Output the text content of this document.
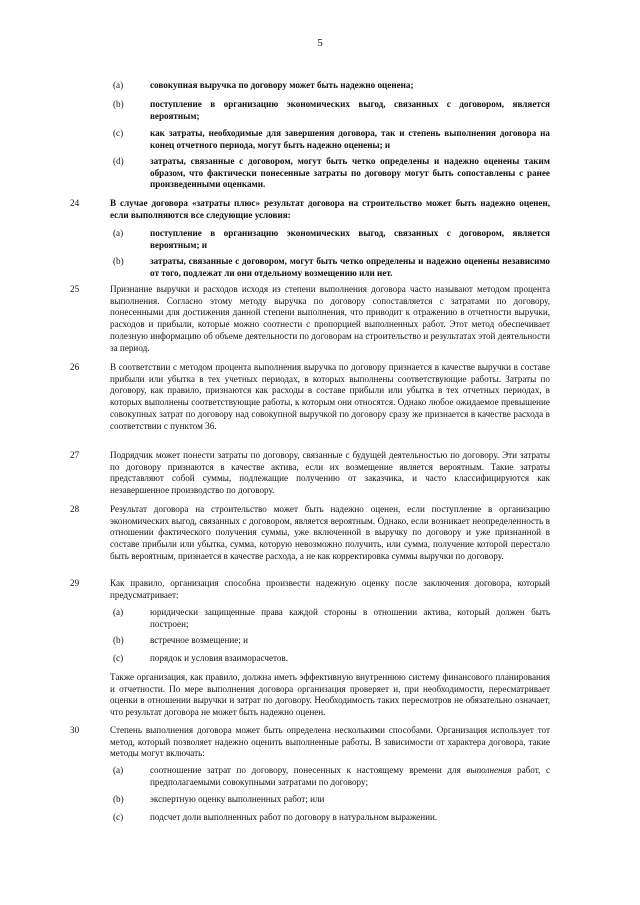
5
(a)	совокупная выручка по договору может быть надежно оценена;
(b)	поступление в организацию экономических выгод, связанных с договором, является вероятным;
(c)	как затраты, необходимые для завершения договора, так и степень выполнения договора на конец отчетного периода, могут быть надежно оценены; и
(d)	затраты, связанные с договором, могут быть четко определены и надежно оценены таким образом, что фактически понесенные затраты по договору могут быть сопоставлены с ранее произведенными оценками.
24	В случае договора «затраты плюс» результат договора на строительство может быть надежно оценен, если выполняются все следующие условия:
(a)	поступление в организацию экономических выгод, связанных с договором, является вероятным; и
(b)	затраты, связанные с договором, могут быть четко определены и надежно оценены независимо от того, подлежат ли они отдельному возмещению или нет.
25	Признание выручки и расходов исходя из степени выполнения договора часто называют методом процента выполнения. Согласно этому методу выручка по договору сопоставляется с затратами по договору, понесенными для достижения данной степени выполнения, что приводит к отражению в отчетности выручки, расходов и прибыли, которые можно соотнести с пропорцией выполненных работ. Этот метод обеспечивает полезную информацию об объеме деятельности по договорам на строительство и результатах этой деятельности за период.
26	В соответствии с методом процента выполнения выручка по договору признается в качестве выручки в составе прибыли или убытка в тех учетных периодах, в которых выполнены соответствующие работы. Затраты по договору, как правило, признаются как расходы в составе прибыли или убытка в тех отчетных периодах, в которых выполнены соответствующие работы, к которым они относятся. Однако любое ожидаемое превышение совокупных затрат по договору над совокупной выручкой по договору сразу же признается в качестве расхода в соответствии с пунктом 36.
27	Подрядчик может понести затраты по договору, связанные с будущей деятельностью по договору. Эти затраты по договору признаются в качестве актива, если их возмещение является вероятным. Такие затраты представляют собой суммы, подлежащие получению от заказчика, и часто классифицируются как незавершенное производство по договору.
28	Результат договора на строительство может быть надежно оценен, если поступление в организацию экономических выгод, связанных с договором, является вероятным. Однако, если возникает неопределенность в отношении фактического получения суммы, уже включенной в выручку по договору и уже признанной в составе прибыли или убытка, сумма, которую невозможно получить, или сумма, получение которой перестало быть вероятным, признается в качестве расхода, а не как корректировка суммы выручки по договору.
29	Как правило, организация способна произвести надежную оценку после заключения договора, который предусматривает:
(a)	юридически защищенные права каждой стороны в отношении актива, который должен быть построен;
(b)	встречное возмещение; и
(c)	порядок и условия взаиморасчетов.
Также организация, как правило, должна иметь эффективную внутреннюю систему финансового планирования и отчетности. По мере выполнения договора организация проверяет и, при необходимости, пересматривает оценки в отношении выручки и затрат по договору. Необходимость таких пересмотров не обязательно означает, что результат договора не может быть надежно оценен.
30	Степень выполнения договора может быть определена несколькими способами. Организация использует тот метод, который позволяет надежно оценить выполненные работы. В зависимости от характера договора, такие методы могут включать:
(a)	соотношение затрат по договору, понесенных к настоящему времени для выполнения работ, с предполагаемыми совокупными затратами по договору;
(b)	экспертную оценку выполненных работ; или
(c)	подсчет доли выполненных работ по договору в натуральном выражении.
